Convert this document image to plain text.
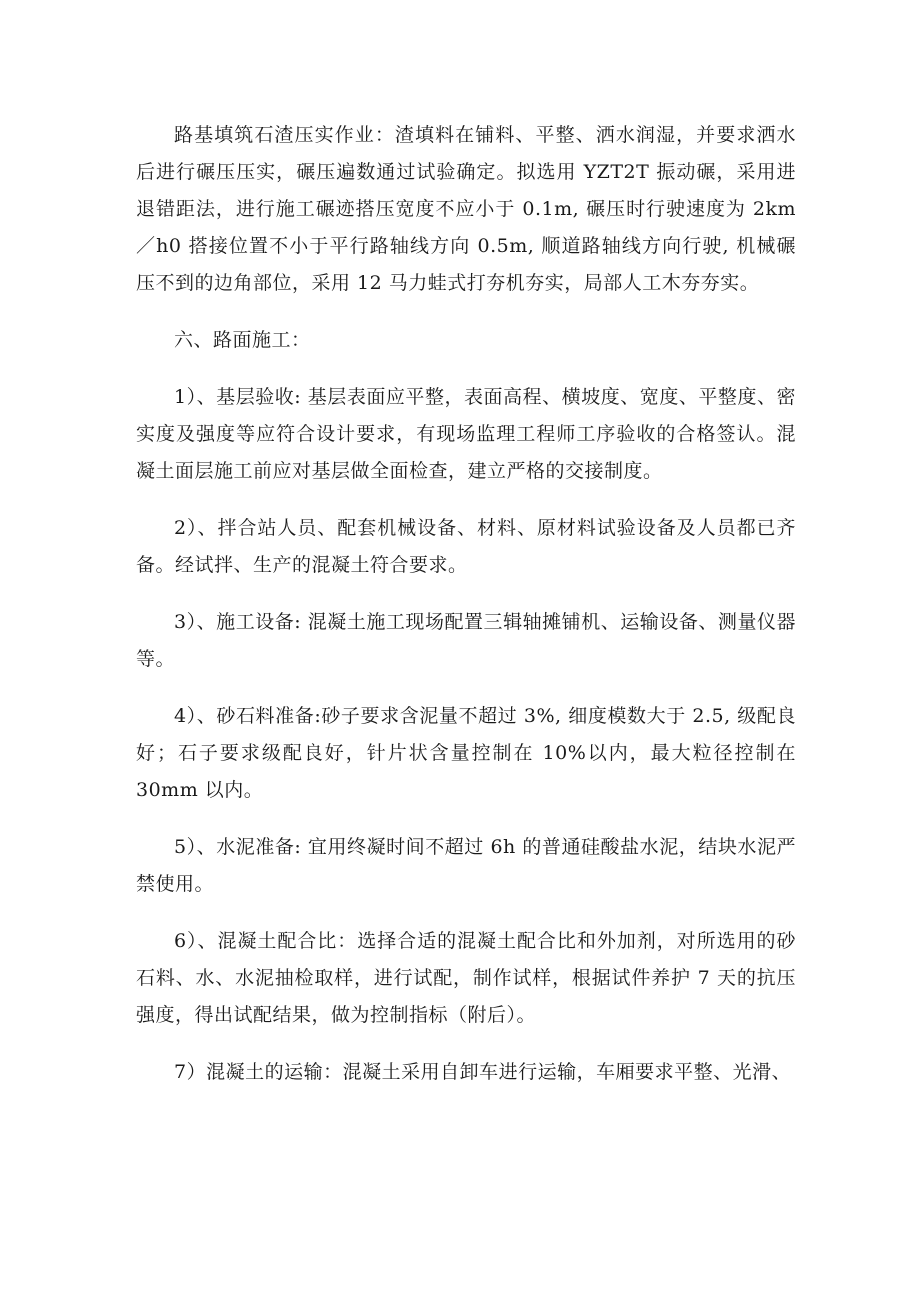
路基填筑石渣压实作业：渣填料在铺料、平整、洒水润湿，并要求洒水后进行碾压压实，碾压遍数通过试验确定。拟选用 YZT2T 振动碾，采用进退错距法，进行施工碾迹搭压宽度不应小于 0.1m, 碾压时行驶速度为 2km／h0 搭接位置不小于平行路轴线方向 0.5m, 顺道路轴线方向行驶, 机械碾压不到的边角部位，采用 12 马力蛙式打夯机夯实，局部人工木夯夯实。

六、路面施工：

1）、基层验收: 基层表面应平整，表面高程、横坡度、宽度、平整度、密实度及强度等应符合设计要求，有现场监理工程师工序验收的合格签认。混凝土面层施工前应对基层做全面检查，建立严格的交接制度。

2）、拌合站人员、配套机械设备、材料、原材料试验设备及人员都已齐备。经试拌、生产的混凝土符合要求。

3）、施工设备: 混凝土施工现场配置三辑轴摊铺机、运输设备、测量仪器等。

4）、砂石料准备:砂子要求含泥量不超过 3%, 细度模数大于 2.5, 级配良好；石子要求级配良好，针片状含量控制在 10%以内，最大粒径控制在 30mm 以内。

5）、水泥准备: 宜用终凝时间不超过 6h 的普通硅酸盐水泥，结块水泥严禁使用。

6）、混凝土配合比：选择合适的混凝土配合比和外加剂，对所选用的砂石料、水、水泥抽检取样，进行试配，制作试样，根据试件养护 7 天的抗压强度，得出试配结果，做为控制指标（附后）。

7）混凝土的运输：混凝土采用自卸车进行运输，车厢要求平整、光滑、
